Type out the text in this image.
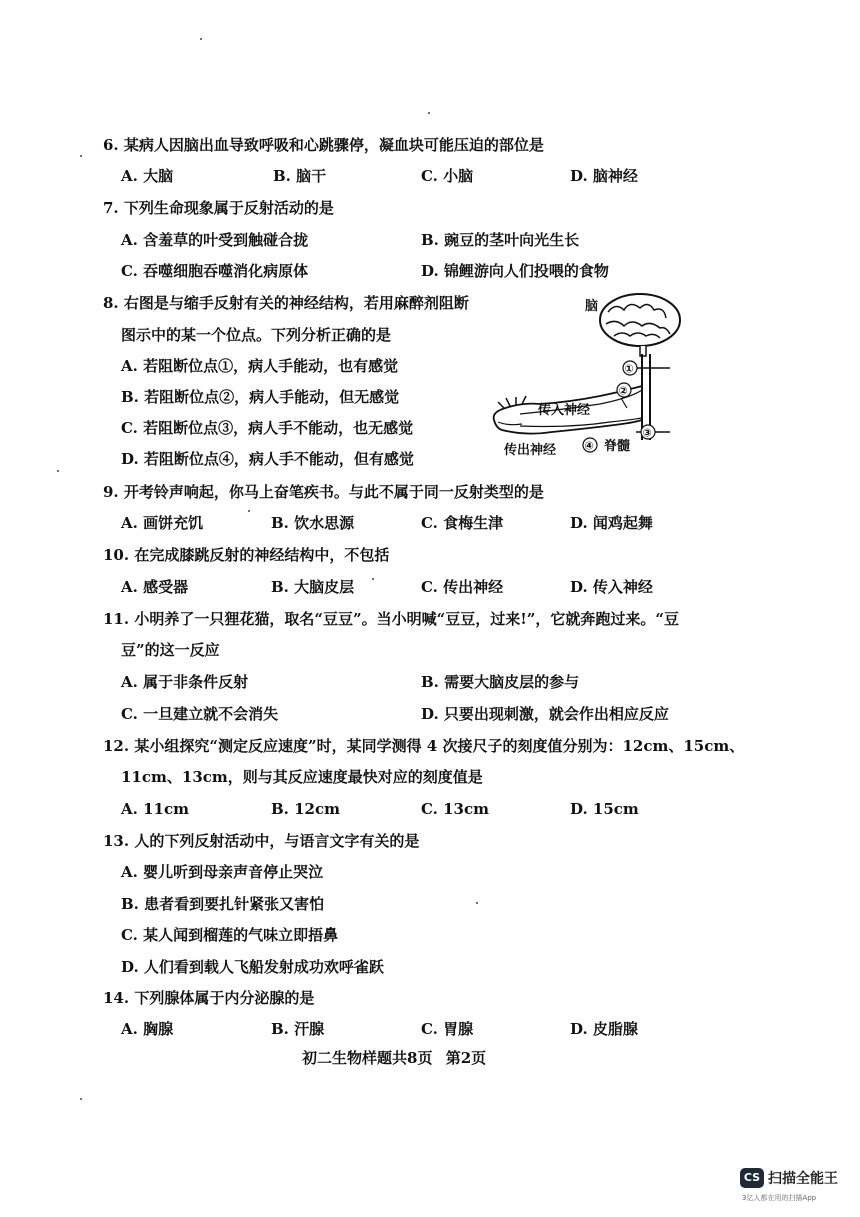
6. 某病人因脑出血导致呼吸和心跳骤停，凝血块可能压迫的部位是
A. 大脑	B. 脑干	C. 小脑	D. 脑神经
7. 下列生命现象属于反射活动的是
A. 含羞草的叶受到触碰合拢	B. 豌豆的茎叶向光生长
C. 吞噬细胞吞噬消化病原体	D. 锦鲤游向人们投喂的食物
8. 右图是与缩手反射有关的神经结构，若用麻醉剂阻断
图示中的某一个位点。下列分析正确的是
A. 若阻断位点①，病人手能动，也有感觉
B. 若阻断位点②，病人手能动，但无感觉
C. 若阻断位点③，病人手不能动，也无感觉
D. 若阻断位点④，病人手不能动，但有感觉
脑
①
②
③
④
传入神经
传出神经	脊髓
9. 开考铃声响起，你马上奋笔疾书。与此不属于同一反射类型的是
A. 画饼充饥	B. 饮水思源	C. 食梅生津	D. 闻鸡起舞
10. 在完成膝跳反射的神经结构中，不包括
A. 感受器	B. 大脑皮层	C. 传出神经	D. 传入神经
11. 小明养了一只狸花猫，取名“豆豆”。当小明喊“豆豆，过来!”，它就奔跑过来。“豆
豆”的这一反应
A. 属于非条件反射	B. 需要大脑皮层的参与
C. 一旦建立就不会消失	D. 只要出现刺激，就会作出相应反应
12. 某小组探究“测定反应速度”时，某同学测得 4 次接尺子的刻度值分别为：12cm、15cm、
11cm、13cm，则与其反应速度最快对应的刻度值是
A. 11cm	B. 12cm	C. 13cm	D. 15cm
13. 人的下列反射活动中，与语言文字有关的是
A. 婴儿听到母亲声音停止哭泣
B. 患者看到要扎针紧张又害怕
C. 某人闻到榴莲的气味立即捂鼻
D. 人们看到载人飞船发射成功欢呼雀跃
14. 下列腺体属于内分泌腺的是
A. 胸腺	B. 汗腺	C. 胃腺	D. 皮脂腺
初二生物样题共8页 第2页
CS 扫描全能王
3亿人都在用的扫描App
